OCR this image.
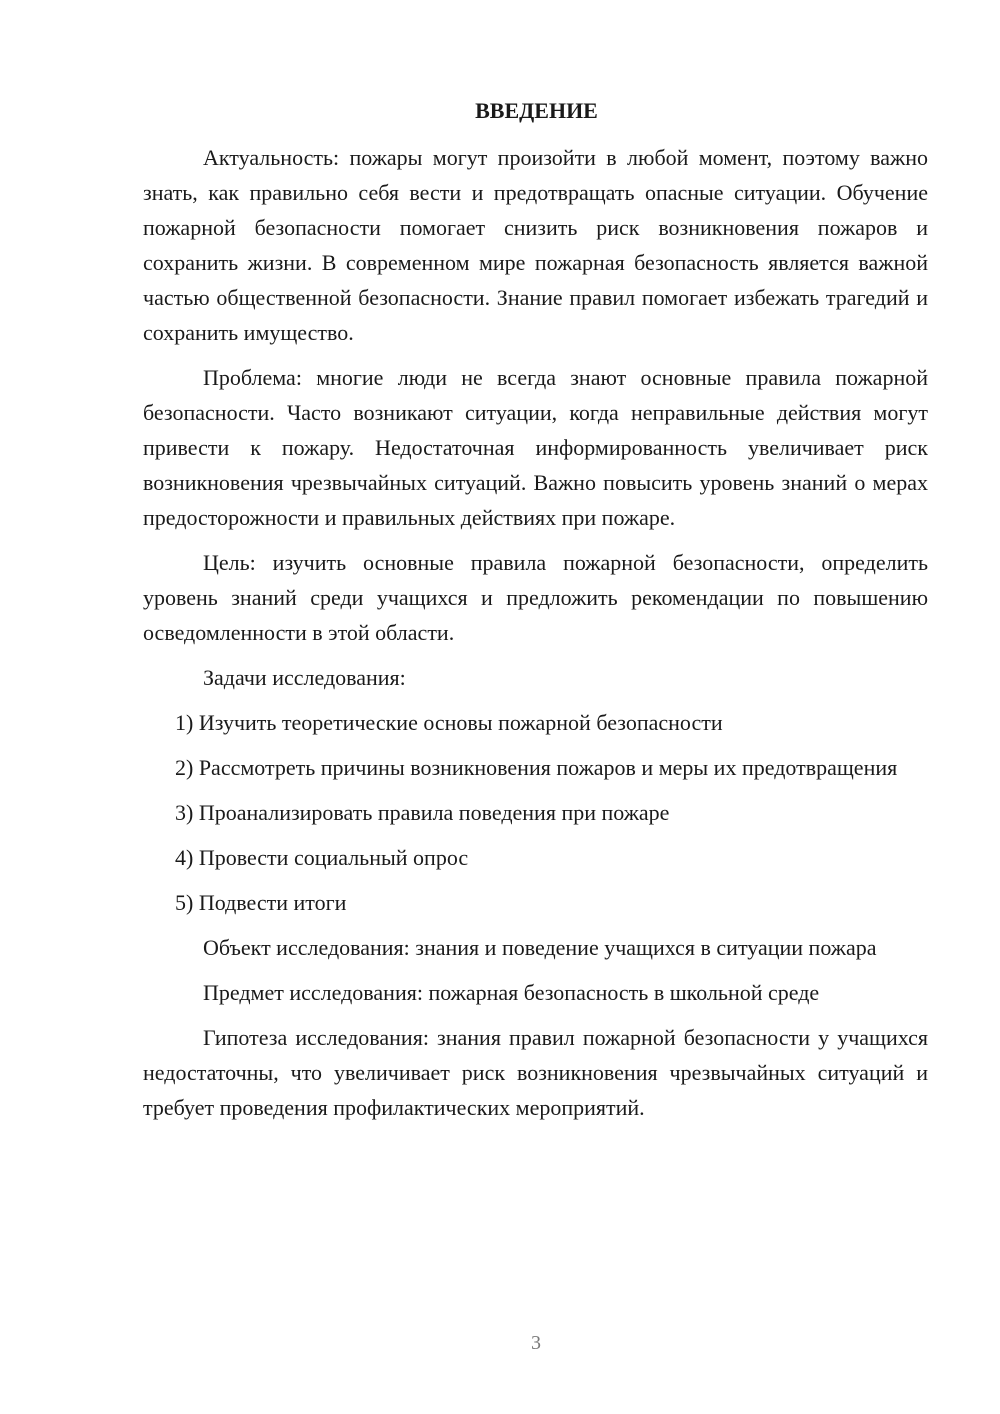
ВВЕДЕНИЕ

Актуальность: пожары могут произойти в любой момент, поэтому важно знать, как правильно себя вести и предотвращать опасные ситуации. Обучение пожарной безопасности помогает снизить риск возникновения пожаров и сохранить жизни. В современном мире пожарная безопасность является важной частью общественной безопасности. Знание правил помогает избежать трагедий и сохранить имущество.

Проблема: многие люди не всегда знают основные правила пожарной безопасности. Часто возникают ситуации, когда неправильные действия могут привести к пожару. Недостаточная информированность увеличивает риск возникновения чрезвычайных ситуаций. Важно повысить уровень знаний о мерах предосторожности и правильных действиях при пожаре.

Цель: изучить основные правила пожарной безопасности, определить уровень знаний среди учащихся и предложить рекомендации по повышению осведомленности в этой области.

Задачи исследования:

1) Изучить теоретические основы пожарной безопасности

2) Рассмотреть причины возникновения пожаров и меры их предотвращения

3) Проанализировать правила поведения при пожаре

4) Провести социальный опрос

5) Подвести итоги

Объект исследования: знания и поведение учащихся в ситуации пожара

Предмет исследования: пожарная безопасность в школьной среде

Гипотеза исследования: знания правил пожарной безопасности у учащихся недостаточны, что увеличивает риск возникновения чрезвычайных ситуаций и требует проведения профилактических мероприятий.

3
